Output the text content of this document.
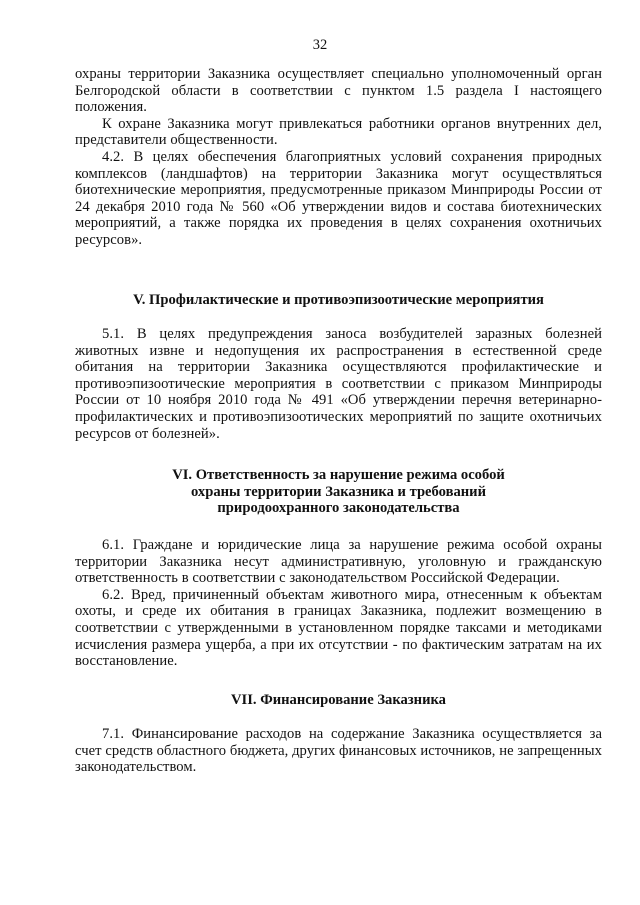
32

охраны территории Заказника осуществляет специально уполномоченный орган Белгородской области в соответствии с пунктом 1.5 раздела I настоящего положения.

К охране Заказника могут привлекаться работники органов внутренних дел, представители общественности.

4.2. В целях обеспечения благоприятных условий сохранения природных комплексов (ландшафтов) на территории Заказника могут осуществляться биотехнические мероприятия, предусмотренные приказом Минприроды России от 24 декабря 2010 года № 560 «Об утверждении видов и состава биотехнических мероприятий, а также порядка их проведения в целях сохранения охотничьих ресурсов».

V. Профилактические и противоэпизоотические мероприятия

5.1. В целях предупреждения заноса возбудителей заразных болезней животных извне и недопущения их распространения в естественной среде обитания на территории Заказника осуществляются профилактические и противоэпизоотические мероприятия в соответствии с приказом Минприроды России от 10 ноября 2010 года № 491 «Об утверждении перечня ветеринарно-профилактических и противоэпизоотических мероприятий по защите охотничьих ресурсов от болезней».

VI. Ответственность за нарушение режима особой
охраны территории Заказника и требований
природоохранного законодательства

6.1. Граждане и юридические лица за нарушение режима особой охраны территории Заказника несут административную, уголовную и гражданскую ответственность в соответствии с законодательством Российской Федерации.

6.2. Вред, причиненный объектам животного мира, отнесенным к объектам охоты, и среде их обитания в границах Заказника, подлежит возмещению в соответствии с утвержденными в установленном порядке таксами и методиками исчисления размера ущерба, а при их отсутствии - по фактическим затратам на их восстановление.

VII. Финансирование Заказника

7.1. Финансирование расходов на содержание Заказника осуществляется за счет средств областного бюджета, других финансовых источников, не запрещенных законодательством.
